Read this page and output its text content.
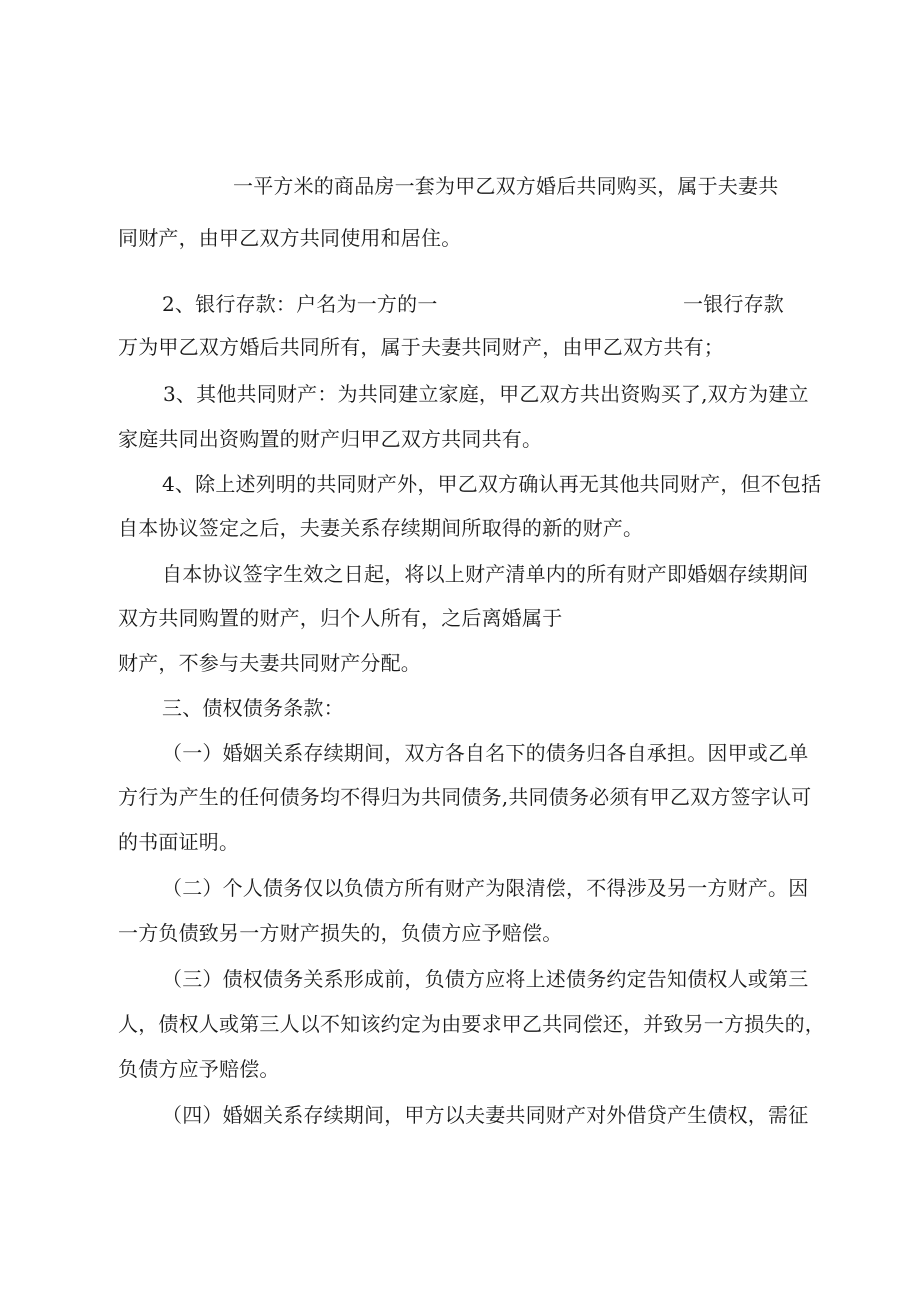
一平方米的商品房一套为甲乙双方婚后共同购买，属于夫妻共
同财产，由甲乙双方共同使用和居住。
2、银行存款：户名为一方的一	一银行存款
万为甲乙双方婚后共同所有，属于夫妻共同财产，由甲乙双方共有；
3、其他共同财产：为共同建立家庭，甲乙双方共出资购买了,双方为建立
家庭共同出资购置的财产归甲乙双方共同共有。
4、除上述列明的共同财产外，甲乙双方确认再无其他共同财产，但不包括
自本协议签定之后，夫妻关系存续期间所取得的新的财产。
自本协议签字生效之日起，将以上财产清单内的所有财产即婚姻存续期间
双方共同购置的财产，归个人所有，之后离婚属于
财产，不参与夫妻共同财产分配。
三、债权债务条款：
（一）婚姻关系存续期间，双方各自名下的债务归各自承担。因甲或乙单
方行为产生的任何债务均不得归为共同债务,共同债务必须有甲乙双方签字认可
的书面证明。
（二）个人债务仅以负债方所有财产为限清偿，不得涉及另一方财产。因
一方负债致另一方财产损失的，负债方应予赔偿。
（三）债权债务关系形成前，负债方应将上述债务约定告知债权人或第三
人，债权人或第三人以不知该约定为由要求甲乙共同偿还，并致另一方损失的，
负债方应予赔偿。
（四）婚姻关系存续期间，甲方以夫妻共同财产对外借贷产生债权，需征
